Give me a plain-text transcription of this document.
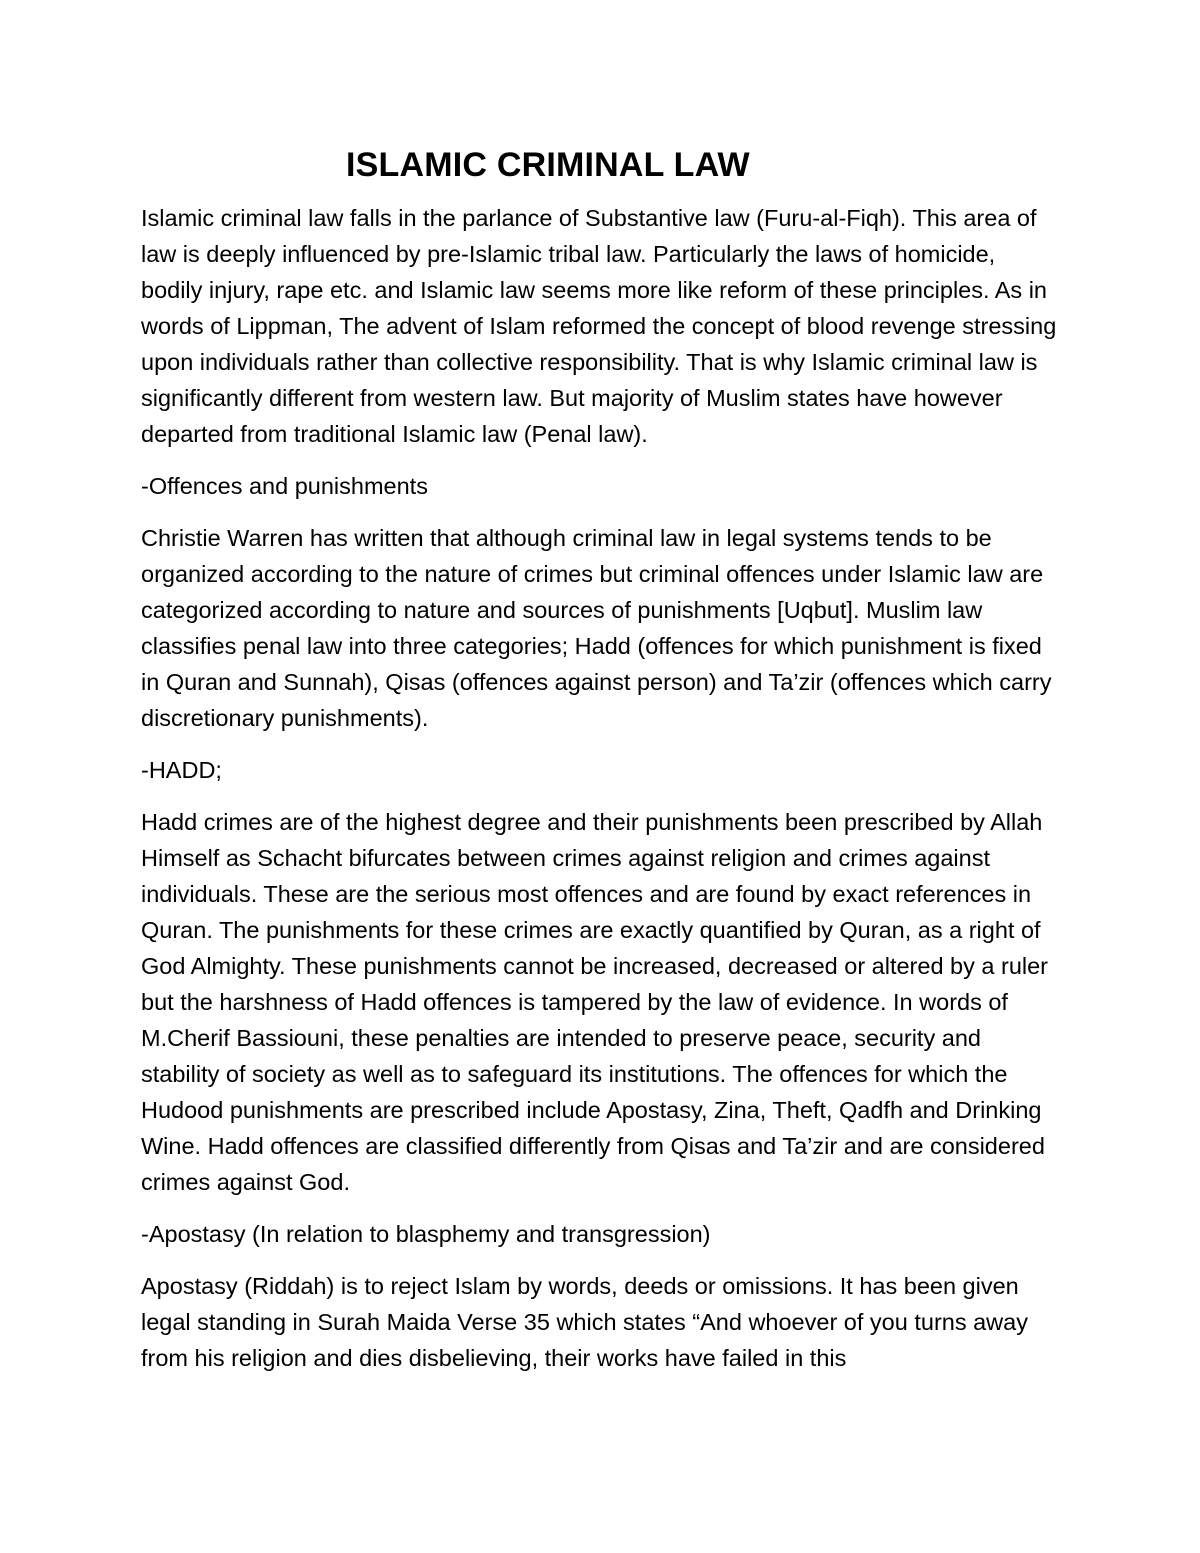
ISLAMIC CRIMINAL LAW

Islamic criminal law falls in the parlance of Substantive law (Furu-al-Fiqh). This area of law is deeply influenced by pre-Islamic tribal law. Particularly the laws of homicide, bodily injury, rape etc. and Islamic law seems more like reform of these principles. As in words of Lippman, The advent of Islam reformed the concept of blood revenge stressing upon individuals rather than collective responsibility. That is why Islamic criminal law is significantly different from western law. But majority of Muslim states have however departed from traditional Islamic law (Penal law).

-Offences and punishments

Christie Warren has written that although criminal law in legal systems tends to be organized according to the nature of crimes but criminal offences under Islamic law are categorized according to nature and sources of punishments [Uqbut]. Muslim law classifies penal law into three categories; Hadd (offences for which punishment is fixed in Quran and Sunnah), Qisas (offences against person) and Ta’zir (offences which carry discretionary punishments).

-HADD;

Hadd crimes are of the highest degree and their punishments been prescribed by Allah Himself as Schacht bifurcates between crimes against religion and crimes against individuals. These are the serious most offences and are found by exact references in Quran. The punishments for these crimes are exactly quantified by Quran, as a right of God Almighty. These punishments cannot be increased, decreased or altered by a ruler but the harshness of Hadd offences is tampered by the law of evidence. In words of M.Cherif Bassiouni, these penalties are intended to preserve peace, security and stability of society as well as to safeguard its institutions. The offences for which the Hudood punishments are prescribed include Apostasy, Zina, Theft, Qadfh and Drinking Wine. Hadd offences are classified differently from Qisas and Ta’zir and are considered crimes against God.

-Apostasy (In relation to blasphemy and transgression)

Apostasy (Riddah) is to reject Islam by words, deeds or omissions. It has been given legal standing in Surah Maida Verse 35 which states “And whoever of you turns away from his religion and dies disbelieving, their works have failed in this
